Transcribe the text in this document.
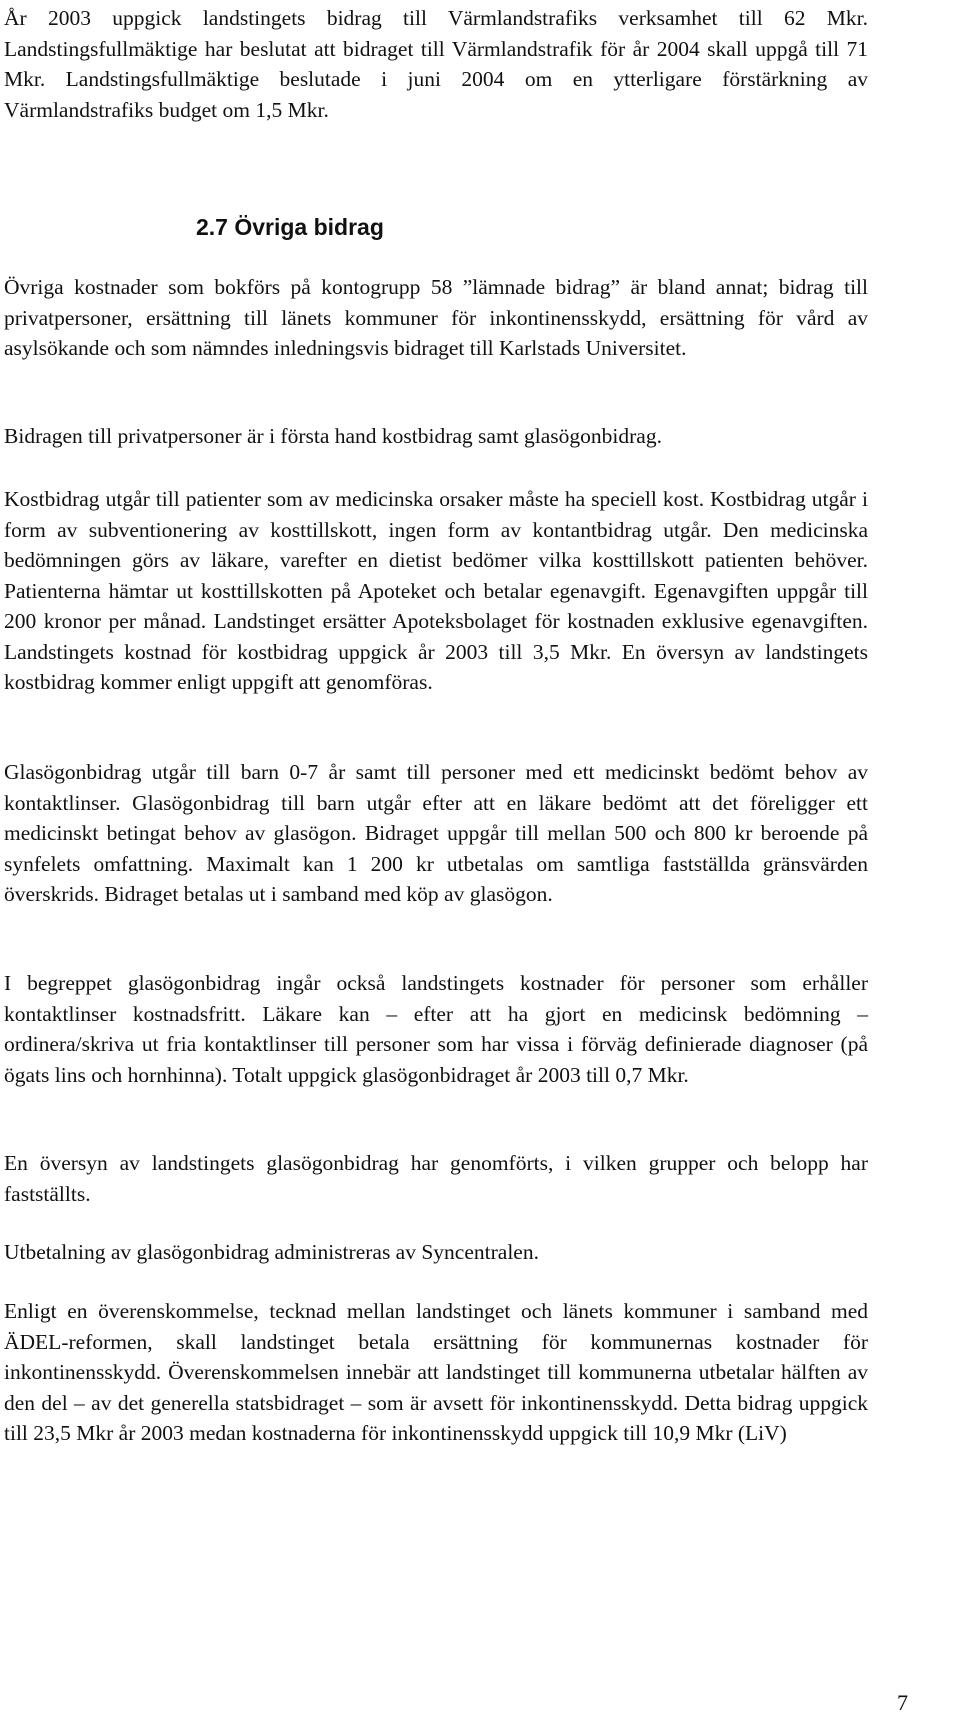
År 2003 uppgick landstingets bidrag till Värmlandstrafiks verksamhet till 62 Mkr. Landstingsfullmäktige har beslutat att bidraget till Värmlandstrafik för år 2004 skall uppgå till 71 Mkr. Landstingsfullmäktige beslutade i juni 2004 om en ytterligare förstärkning av Värmlandstrafiks budget om 1,5 Mkr.

2.7 Övriga bidrag

Övriga kostnader som bokförs på kontogrupp 58 ”lämnade bidrag” är bland annat; bidrag till privatpersoner, ersättning till länets kommuner för inkontinensskydd, ersättning för vård av asylsökande och som nämndes inledningsvis bidraget till Karlstads Universitet.

Bidragen till privatpersoner är i första hand kostbidrag samt glasögonbidrag.

Kostbidrag utgår till patienter som av medicinska orsaker måste ha speciell kost. Kostbidrag utgår i form av subventionering av kosttillskott, ingen form av kontantbidrag utgår. Den medicinska bedömningen görs av läkare, varefter en dietist bedömer vilka kosttillskott patienten behöver. Patienterna hämtar ut kosttillskotten på Apoteket och betalar egenavgift. Egenavgiften uppgår till 200 kronor per månad. Landstinget ersätter Apoteksbolaget för kostnaden exklusive egenavgiften. Landstingets kostnad för kostbidrag uppgick år 2003 till 3,5 Mkr. En översyn av landstingets kostbidrag kommer enligt uppgift att genomföras.

Glasögonbidrag utgår till barn 0-7 år samt till personer med ett medicinskt bedömt behov av kontaktlinser. Glasögonbidrag till barn utgår efter att en läkare bedömt att det föreligger ett medicinskt betingat behov av glasögon. Bidraget uppgår till mellan 500 och 800 kr beroende på synfelets omfattning. Maximalt kan 1 200 kr utbetalas om samtliga fastställda gränsvärden överskrids. Bidraget betalas ut i samband med köp av glasögon.

I begreppet glasögonbidrag ingår också landstingets kostnader för personer som erhåller kontaktlinser kostnadsfritt. Läkare kan – efter att ha gjort en medicinsk bedömning – ordinera/skriva ut fria kontaktlinser till personer som har vissa i förväg definierade diagnoser (på ögats lins och hornhinna). Totalt uppgick glasögonbidraget år 2003 till 0,7 Mkr.

En översyn av landstingets glasögonbidrag har genomförts, i vilken grupper och belopp har fastställts.

Utbetalning av glasögonbidrag administreras av Syncentralen.

Enligt en överenskommelse, tecknad mellan landstinget och länets kommuner i samband med ÄDEL-reformen, skall landstinget betala ersättning för kommunernas kostnader för inkontinensskydd. Överenskommelsen innebär att landstinget till kommunerna utbetalar hälften av den del – av det generella statsbidraget – som är avsett för inkontinensskydd. Detta bidrag uppgick till 23,5 Mkr år 2003 medan kostnaderna för inkontinensskydd uppgick till 10,9 Mkr (LiV)

7
